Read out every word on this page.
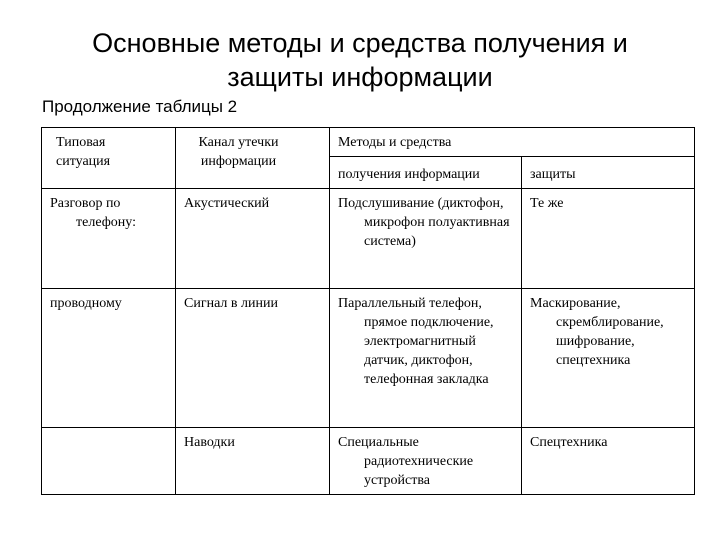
Основные методы и средства получения и
защиты информации

Продолжение таблицы 2

Типовая ситуация	Канал утечки информации	Методы и средства	
		получения информации	защиты

Разговор по телефону:	Акустический	Подслушивание (диктофон, микрофон полуактивная система)	Те же

проводному	Сигнал в линии	Параллельный телефон, прямое подключение, электромагнитный датчик, диктофон, телефонная закладка	Маскирование, скремблирование, шифрование, спецтехника

	Наводки	Специальные радиотехнические устройства	Спецтехника
